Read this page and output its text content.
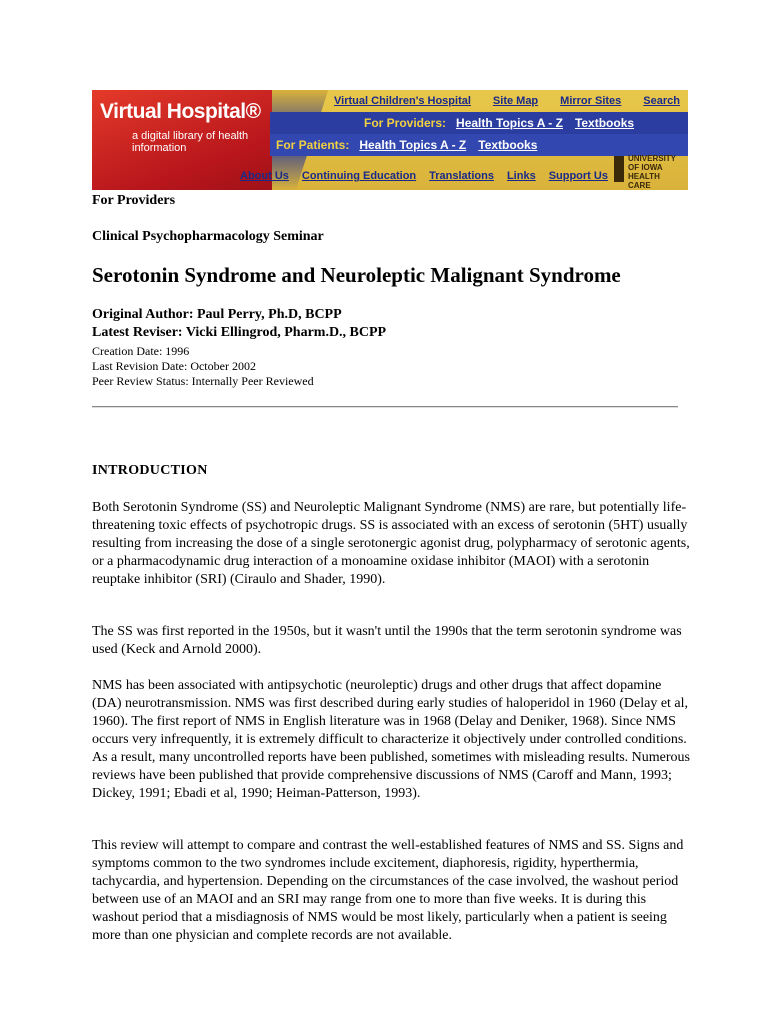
Virtual Hospital®
a digital library of health information
Virtual Children's Hospital Site Map Mirror Sites Search
For Providers: Health Topics A - Z Textbooks
For Patients: Health Topics A - Z Textbooks
About Us Continuing Education Translations Links Support Us
UNIVERSITY OF IOWA HEALTH CARE

For Providers

Clinical Psychopharmacology Seminar

Serotonin Syndrome and Neuroleptic Malignant Syndrome

Original Author: Paul Perry, Ph.D, BCPP

Latest Reviser: Vicki Ellingrod, Pharm.D., BCPP

Creation Date: 1996

Last Revision Date: October 2002

Peer Review Status: Internally Peer Reviewed

INTRODUCTION

Both Serotonin Syndrome (SS) and Neuroleptic Malignant Syndrome (NMS) are rare, but potentially life-threatening toxic effects of psychotropic drugs. SS is associated with an excess of serotonin (5HT) usually resulting from increasing the dose of a single serotonergic agonist drug, polypharmacy of serotonic agents, or a pharmacodynamic drug interaction of a monoamine oxidase inhibitor (MAOI) with a serotonin reuptake inhibitor (SRI) (Ciraulo and Shader, 1990).

The SS was first reported in the 1950s, but it wasn't until the 1990s that the term serotonin syndrome was used (Keck and Arnold 2000).

NMS has been associated with antipsychotic (neuroleptic) drugs and other drugs that affect dopamine (DA) neurotransmission. NMS was first described during early studies of haloperidol in 1960 (Delay et al, 1960). The first report of NMS in English literature was in 1968 (Delay and Deniker, 1968). Since NMS occurs very infrequently, it is extremely difficult to characterize it objectively under controlled conditions. As a result, many uncontrolled reports have been published, sometimes with misleading results. Numerous reviews have been published that provide comprehensive discussions of NMS (Caroff and Mann, 1993; Dickey, 1991; Ebadi et al, 1990; Heiman-Patterson, 1993).

This review will attempt to compare and contrast the well-established features of NMS and SS. Signs and symptoms common to the two syndromes include excitement, diaphoresis, rigidity, hyperthermia, tachycardia, and hypertension. Depending on the circumstances of the case involved, the washout period between use of an MAOI and an SRI may range from one to more than five weeks. It is during this washout period that a misdiagnosis of NMS would be most likely, particularly when a patient is seeing more than one physician and complete records are not available.
